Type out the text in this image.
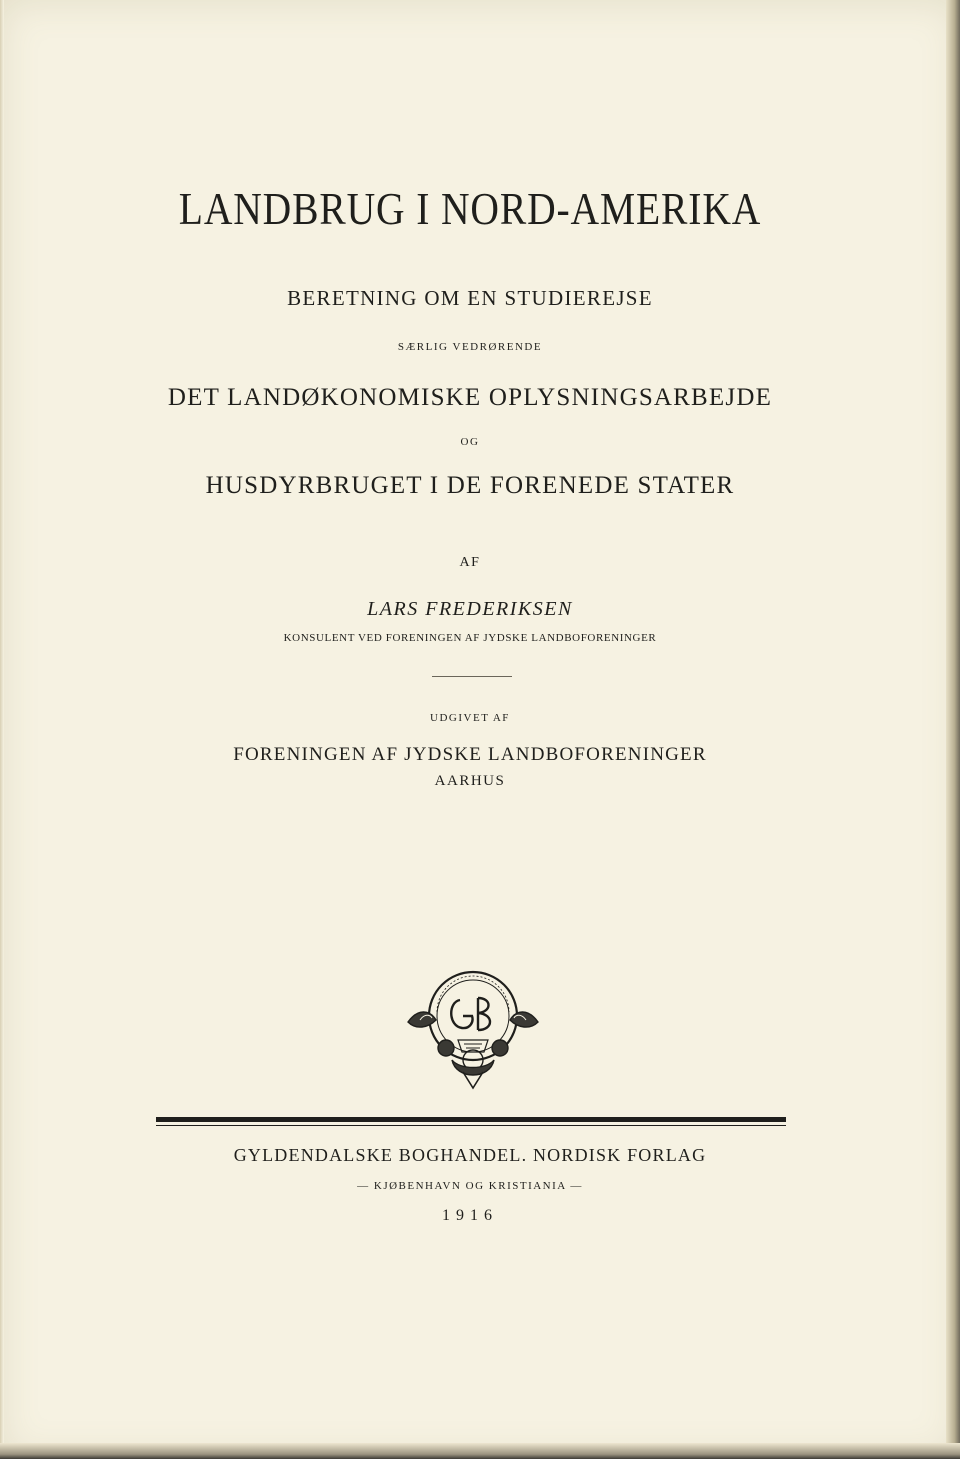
LANDBRUG I NORD-AMERIKA
BERETNING OM EN STUDIEREJSE
SÆRLIG VEDRØRENDE
DET LANDØKONOMISKE OPLYSNINGSARBEJDE
OG
HUSDYRBRUGET I DE FORENEDE STATER
AF
LARS FREDERIKSEN
KONSULENT VED FORENINGEN AF JYDSKE LANDBOFORENINGER
UDGIVET AF
FORENINGEN AF JYDSKE LANDBOFORENINGER
AARHUS
GYLDENDALSKE BOGHANDEL. NORDISK FORLAG
— KJØBENHAVN OG KRISTIANIA —
1916
